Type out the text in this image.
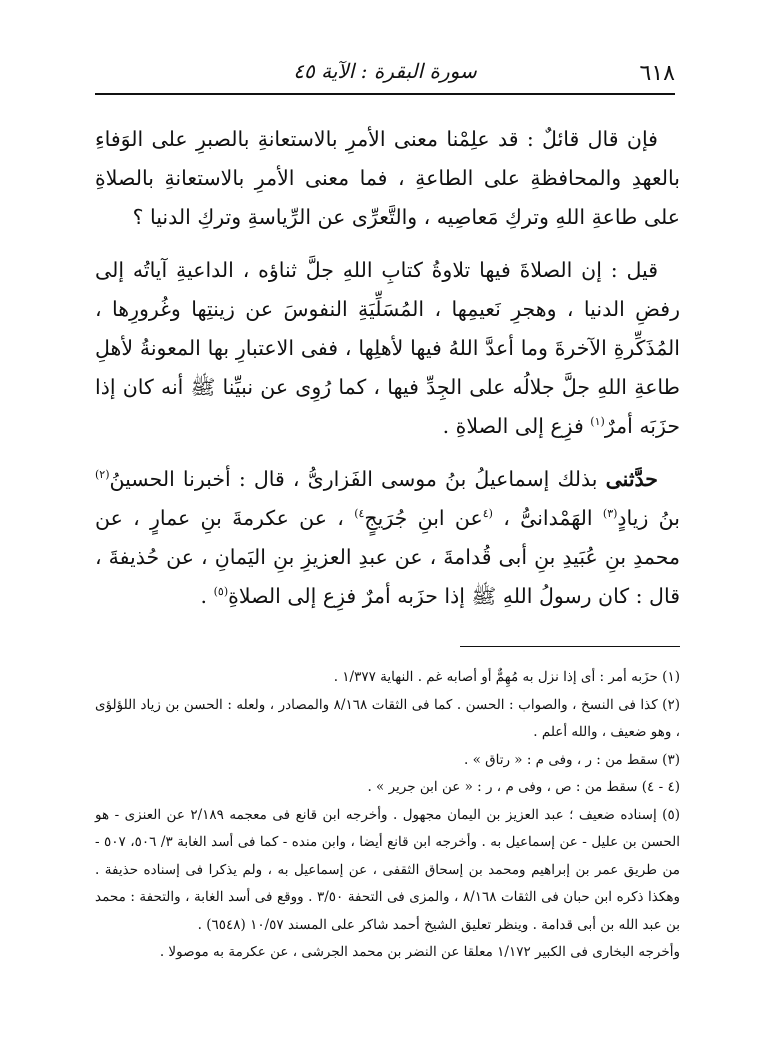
٦١٨
سورة البقرة : الآية ٤٥

فإن قال قائلٌ : قد علِمْنا معنى الأمرِ بالاستعانةِ بالصبرِ على الوَفاءِ بالعهدِ والمحافظةِ على الطاعةِ ، فما معنى الأمرِ بالاستعانةِ بالصلاةِ على طاعةِ اللهِ وتركِ مَعاصِيه ، والتَّعرِّى عن الرِّياسةِ وتركِ الدنيا ؟

قيل : إن الصلاةَ فيها تلاوةُ كتابِ اللهِ جلَّ ثناؤه ، الداعيةِ آياتُه إلى رفضِ الدنيا ، وهجرِ نَعيمِها ، المُسَلِّيَةِ النفوسَ عن زينتِها وغُرورِها ، المُذَكِّرةِ الآخرةَ وما أعدَّ اللهُ فيها لأهلِها ، ففى الاعتبارِ بها المعونةُ لأهلِ طاعةِ اللهِ جلَّ جلالُه على الجِدِّ فيها ، كما رُوِى عن نبيِّنا ﷺ أنه كان إذا حزَبَه أمرٌ$^{(١)}$ فزِع إلى الصلاةِ .

حدَّثنى بذلك إسماعيلُ بنُ موسى الفَزارىُّ ، قال : أخبرنا الحسينُ$^{(٢)}$ بنُ زيادٍ$^{(٣)}$ الهَمْدانىُّ ، $^{(٤}$عن ابنِ جُرَيجٍ$^{٤)}$ ، عن عكرمةَ بنِ عمارٍ ، عن محمدِ بنِ عُبَيدِ بنِ أبى قُدامةَ ، عن عبدِ العزيزِ بنِ اليَمانِ ، عن حُذيفةَ ، قال : كان رسولُ اللهِ ﷺ إذا حزَبه أمرٌ فزِع إلى الصلاةِ$^{(٥)}$ .

(١) حزَبه أمر : أى إذا نزل به مُهِمٌّ أو أصابه غم . النهاية ١/٣٧٧ .

(٢) كذا فى النسخ ، والصواب : الحسن . كما فى الثقات ٨/١٦٨ والمصادر ، ولعله : الحسن بن زياد اللؤلؤى ، وهو ضعيف ، والله أعلم .

(٣) سقط من : ر ، وفى م : « رتاق » .

(٤ - ٤) سقط من : ص ، وفى م ، ر : « عن ابن جرير » .

(٥) إسناده ضعيف ؛ عبد العزيز بن اليمان مجهول . وأخرجه ابن قانع فى معجمه ٢/١٨٩ عن العنزى - هو الحسن بن عليل - عن إسماعيل به . وأخرجه ابن قانع أيضا ، وابن منده - كما فى أسد الغابة ٣/ ٥٠٦، ٥٠٧ - من طريق عمر بن إبراهيم ومحمد بن إسحاق الثقفى ، عن إسماعيل به ، ولم يذكرا فى إسناده حذيفة . وهكذا ذكره ابن حبان فى الثقات ٨/١٦٨ ، والمزى فى التحفة ٣/٥٠ . ووقع فى أسد الغابة ، والتحفة : محمد بن عبد الله بن أبى قدامة . وينظر تعليق الشيخ أحمد شاكر على المسند ١٠/٥٧ (٦٥٤٨) .

وأخرجه البخارى فى الكبير ١/١٧٢ معلقا عن النضر بن محمد الجرشى ، عن عكرمة به موصولا .
